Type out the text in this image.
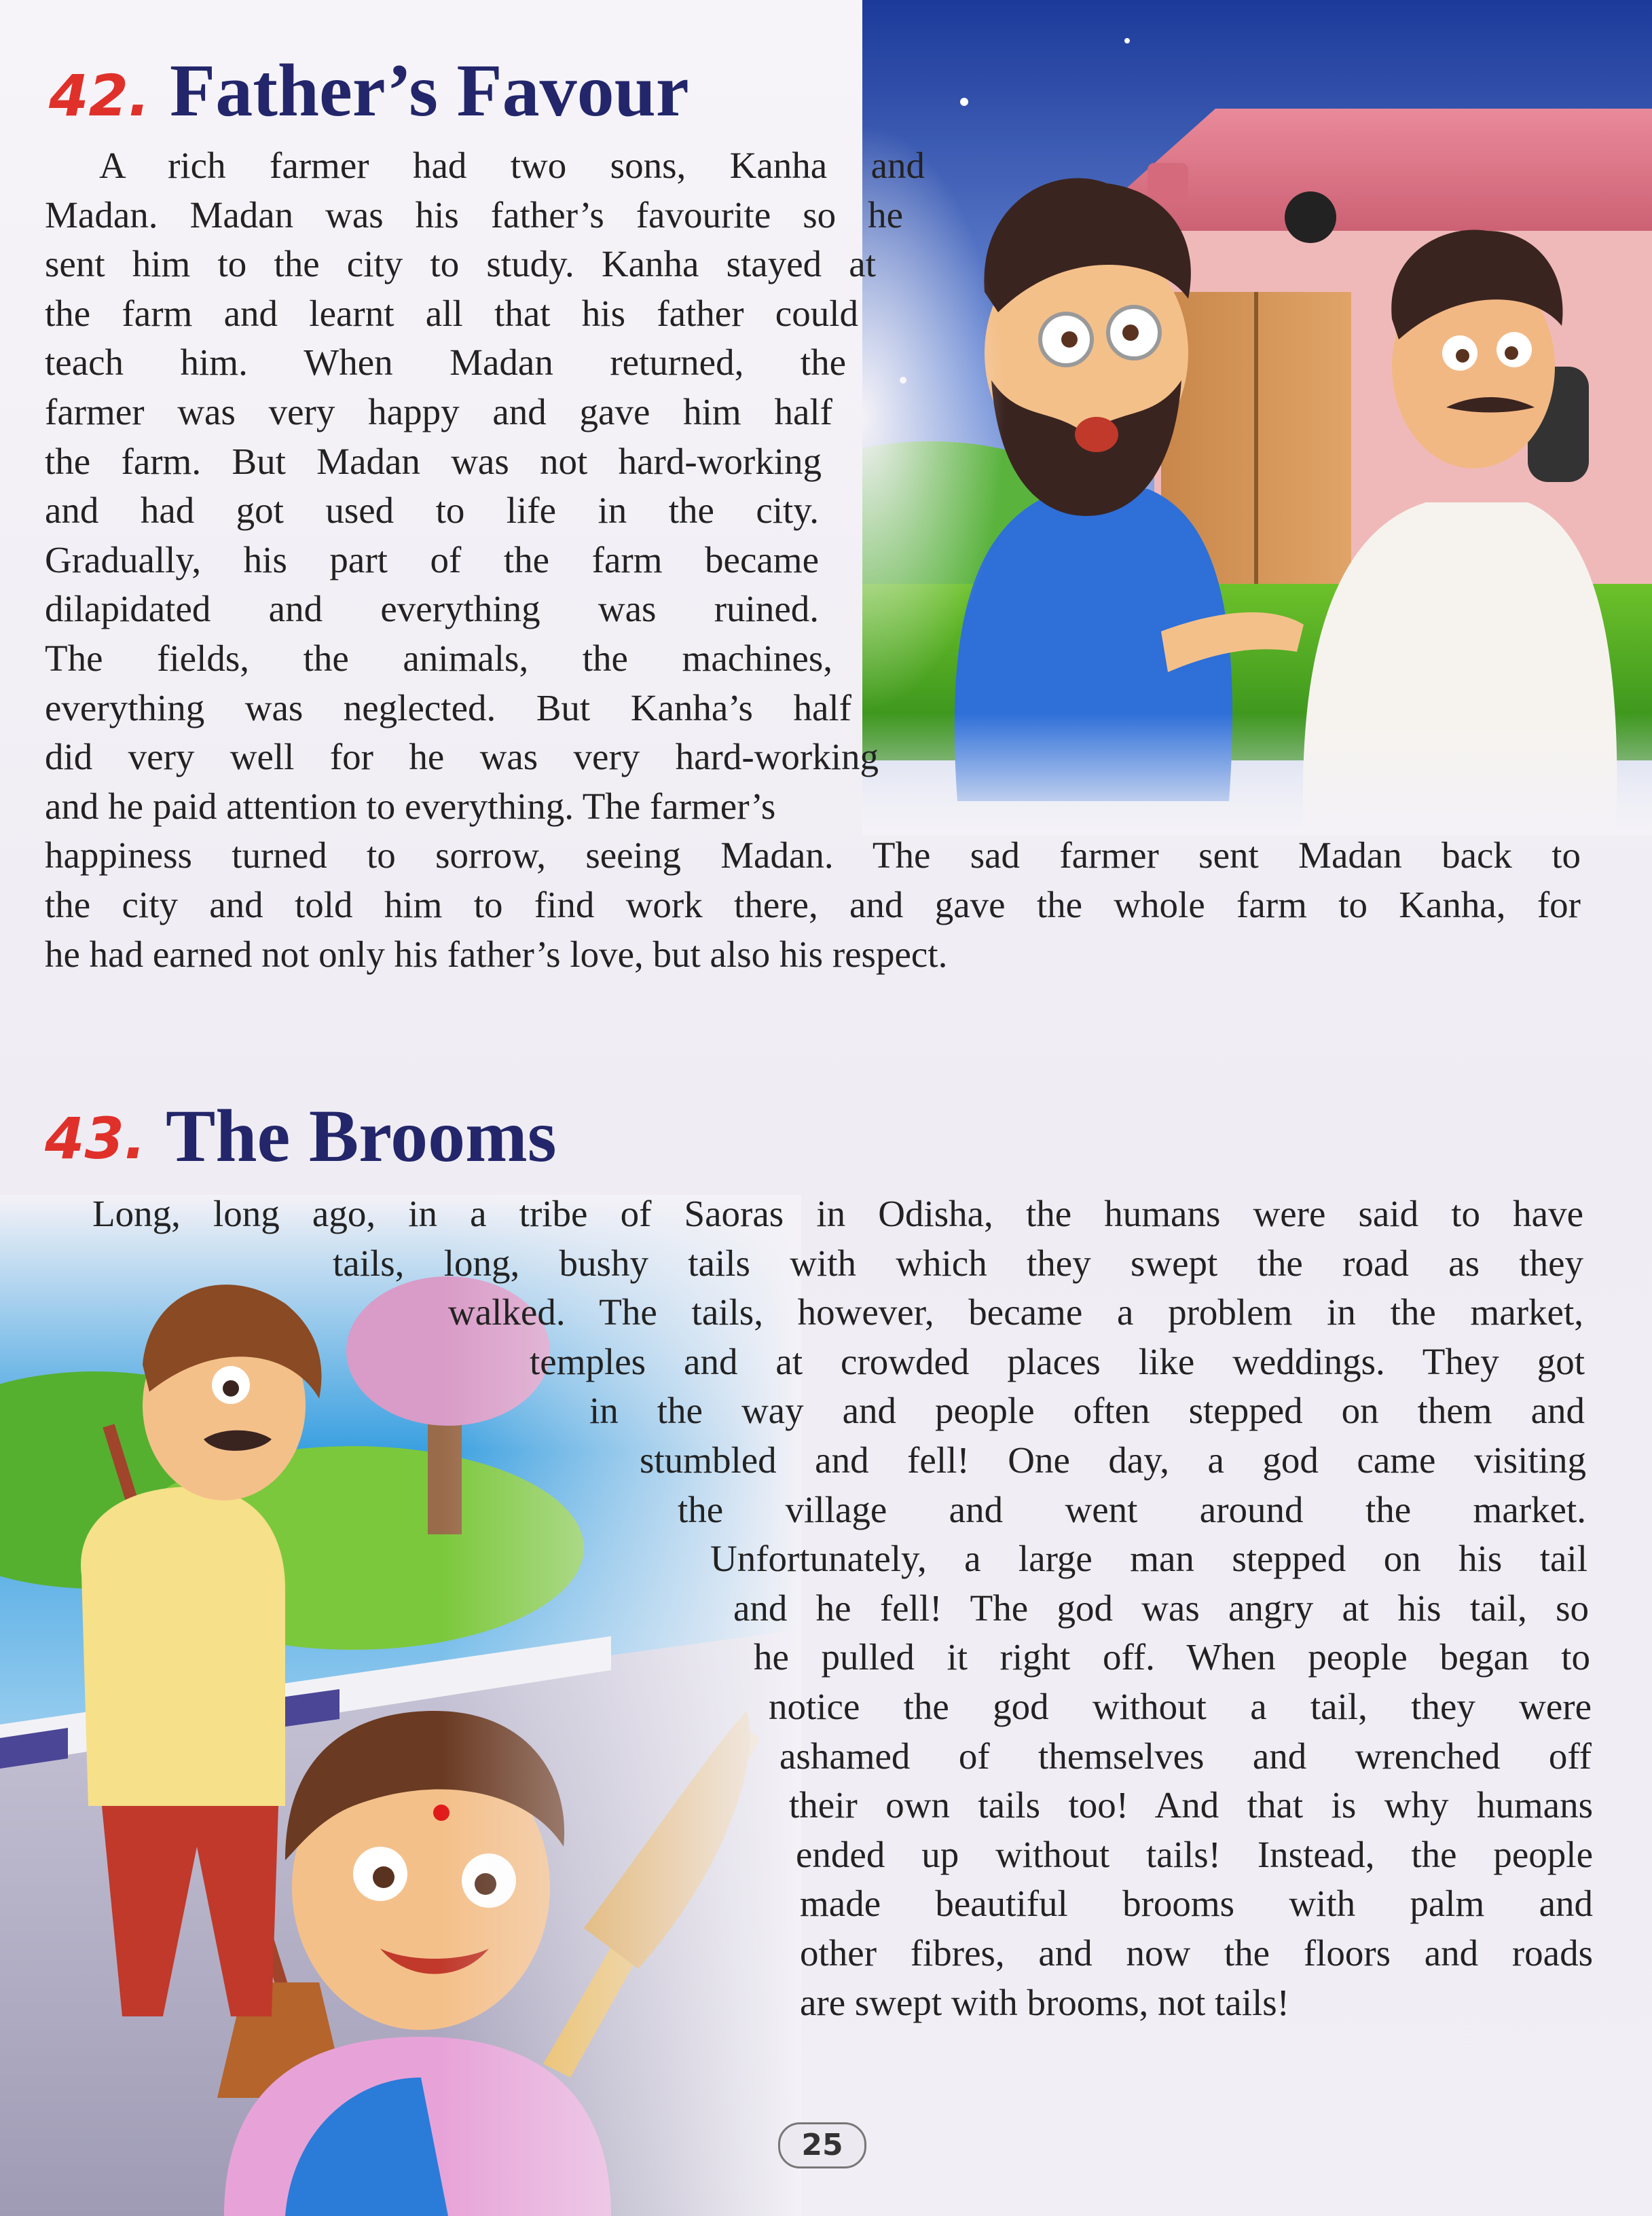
42. Father’s Favour
A rich farmer had two sons, Kanha and
Madan. Madan was his father’s favourite so he
sent him to the city to study. Kanha stayed at
the farm and learnt all that his father could
teach him. When Madan returned, the
farmer was very happy and gave him half
the farm. But Madan was not hard-working
and had got used to life in the city.
Gradually, his part of the farm became
dilapidated and everything was ruined.
The fields, the animals, the machines,
everything was neglected. But Kanha’s half
did very well for he was very hard-working
and he paid attention to everything. The farmer’s
happiness turned to sorrow, seeing Madan. The sad farmer sent Madan back to
the city and told him to find work there, and gave the whole farm to Kanha, for
he had earned not only his father’s love, but also his respect.
43. The Brooms
Long, long ago, in a tribe of Saoras in Odisha, the humans were said to have
tails, long, bushy tails with which they swept the road as they
walked. The tails, however, became a problem in the market,
temples and at crowded places like weddings. They got
in the way and people often stepped on them and
stumbled and fell! One day, a god came visiting
the village and went around the market.
Unfortunately, a large man stepped on his tail
and he fell! The god was angry at his tail, so
he pulled it right off. When people began to
notice the god without a tail, they were
ashamed of themselves and wrenched off
their own tails too! And that is why humans
ended up without tails! Instead, the people
made beautiful brooms with palm and
other fibres, and now the floors and roads
are swept with brooms, not tails!
25
